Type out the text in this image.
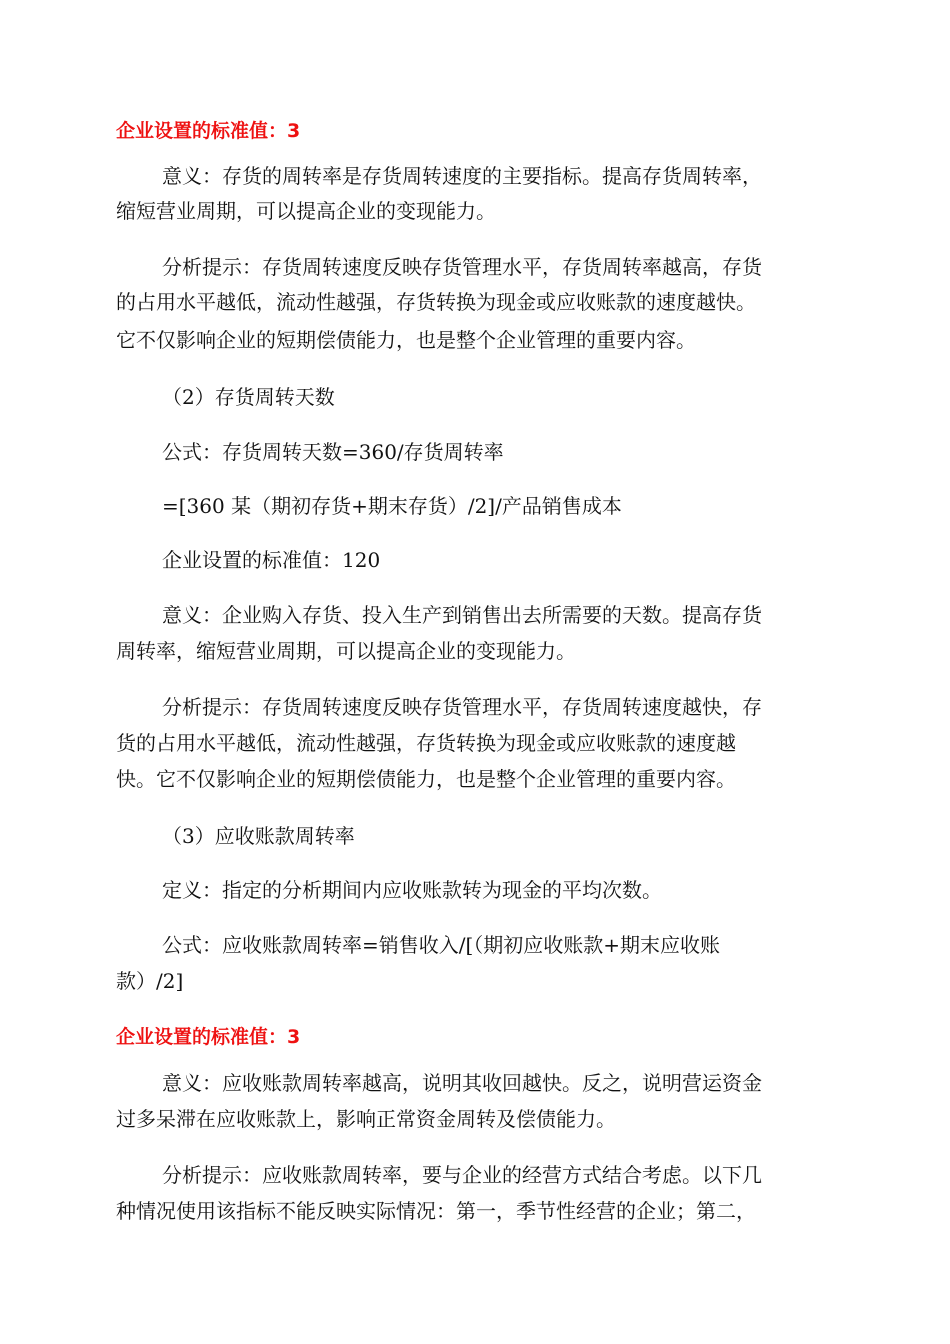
企业设置的标准值：3
意义：存货的周转率是存货周转速度的主要指标。提高存货周转率，
缩短营业周期，可以提高企业的变现能力。
分析提示：存货周转速度反映存货管理水平，存货周转率越高，存货
的占用水平越低，流动性越强，存货转换为现金或应收账款的速度越快。
它不仅影响企业的短期偿债能力，也是整个企业管理的重要内容。
（2）存货周转天数
公式：存货周转天数=360/存货周转率
=[360 某（期初存货+期末存货）/2]/产品销售成本
企业设置的标准值：120
意义：企业购入存货、投入生产到销售出去所需要的天数。提高存货
周转率，缩短营业周期，可以提高企业的变现能力。
分析提示：存货周转速度反映存货管理水平，存货周转速度越快，存
货的占用水平越低，流动性越强，存货转换为现金或应收账款的速度越
快。它不仅影响企业的短期偿债能力，也是整个企业管理的重要内容。
（3）应收账款周转率
定义：指定的分析期间内应收账款转为现金的平均次数。
公式：应收账款周转率=销售收入/[（期初应收账款+期末应收账
款）/2]
企业设置的标准值：3
意义：应收账款周转率越高，说明其收回越快。反之，说明营运资金
过多呆滞在应收账款上，影响正常资金周转及偿债能力。
分析提示：应收账款周转率，要与企业的经营方式结合考虑。以下几
种情况使用该指标不能反映实际情况：第一，季节性经营的企业；第二，
